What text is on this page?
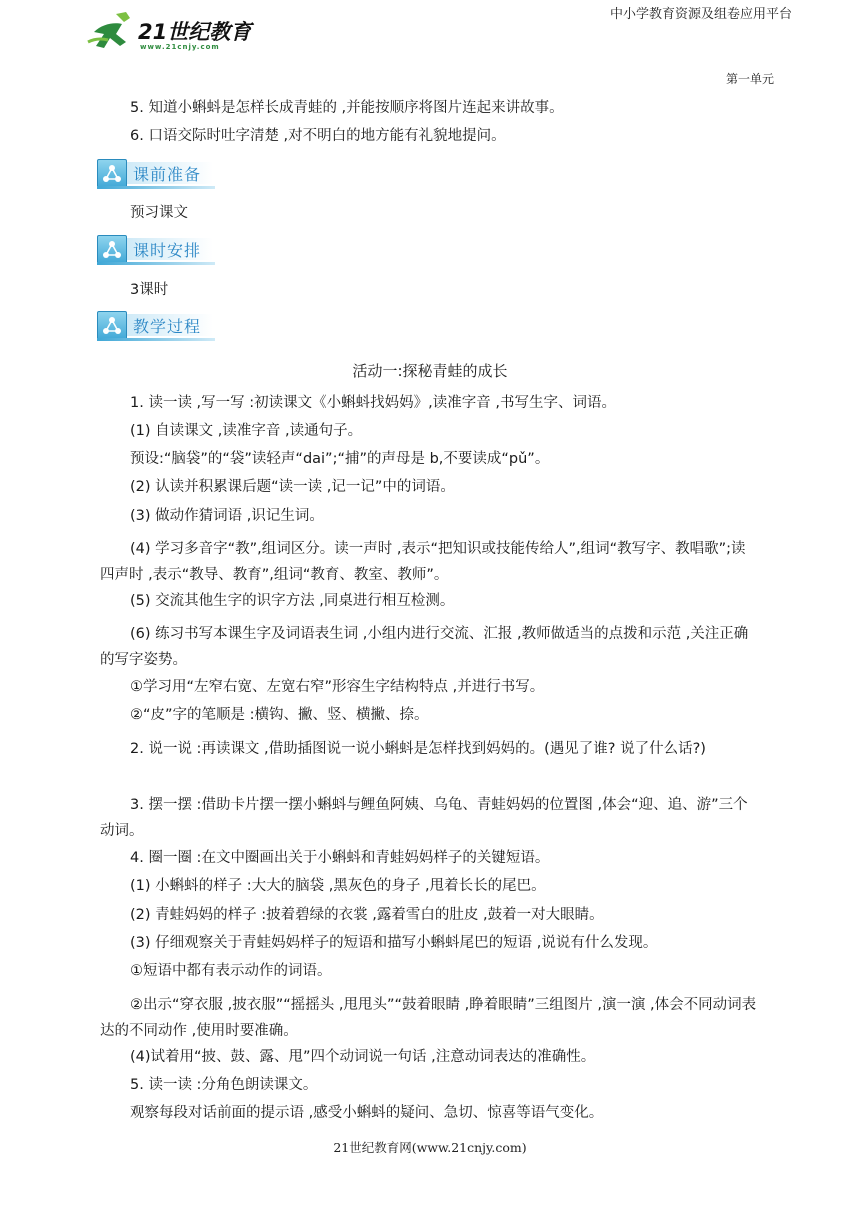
中小学教育资源及组卷应用平台
21世纪教育
www.21cnjy.com
第一单元
5. 知道小蝌蚪是怎样长成青蛙的 ,并能按顺序将图片连起来讲故事。
6. 口语交际时吐字清楚 ,对不明白的地方能有礼貌地提问。
课前准备
预习课文
课时安排
3课时
教学过程
活动一:探秘青蛙的成长
1. 读一读 ,写一写 :初读课文《小蝌蚪找妈妈》,读准字音 ,书写生字、词语。
(1) 自读课文 ,读准字音 ,读通句子。
预设:“脑袋”的“袋”读轻声“dai”;“捕”的声母是 b,不要读成“pǔ”。
(2) 认读并积累课后题“读一读 ,记一记”中的词语。
(3) 做动作猜词语 ,识记生词。
(4) 学习多音字“教”,组词区分。读一声时 ,表示“把知识或技能传给人”,组词“教写字、教唱歌”;读四声时 ,表示“教导、教育”,组词“教育、教室、教师”。
(5) 交流其他生字的识字方法 ,同桌进行相互检测。
(6) 练习书写本课生字及词语表生词 ,小组内进行交流、汇报 ,教师做适当的点拨和示范 ,关注正确的写字姿势。
①学习用“左窄右宽、左宽右窄”形容生字结构特点 ,并进行书写。
②“皮”字的笔顺是 :横钩、撇、竖、横撇、捺。
2. 说一说 :再读课文 ,借助插图说一说小蝌蚪是怎样找到妈妈的。(遇见了谁? 说了什么话?)
3. 摆一摆 :借助卡片摆一摆小蝌蚪与鲤鱼阿姨、乌龟、青蛙妈妈的位置图 ,体会“迎、追、游”三个动词。
4. 圈一圈 :在文中圈画出关于小蝌蚪和青蛙妈妈样子的关键短语。
(1) 小蝌蚪的样子 :大大的脑袋 ,黑灰色的身子 ,甩着长长的尾巴。
(2) 青蛙妈妈的样子 :披着碧绿的衣裳 ,露着雪白的肚皮 ,鼓着一对大眼睛。
(3) 仔细观察关于青蛙妈妈样子的短语和描写小蝌蚪尾巴的短语 ,说说有什么发现。
①短语中都有表示动作的词语。
②出示“穿衣服 ,披衣服”“摇摇头 ,甩甩头”“鼓着眼睛 ,睁着眼睛”三组图片 ,演一演 ,体会不同动词表达的不同动作 ,使用时要准确。
(4)试着用“披、鼓、露、甩”四个动词说一句话 ,注意动词表达的准确性。
5. 读一读 :分角色朗读课文。
观察每段对话前面的提示语 ,感受小蝌蚪的疑问、急切、惊喜等语气变化。
21世纪教育网(www.21cnjy.com)
